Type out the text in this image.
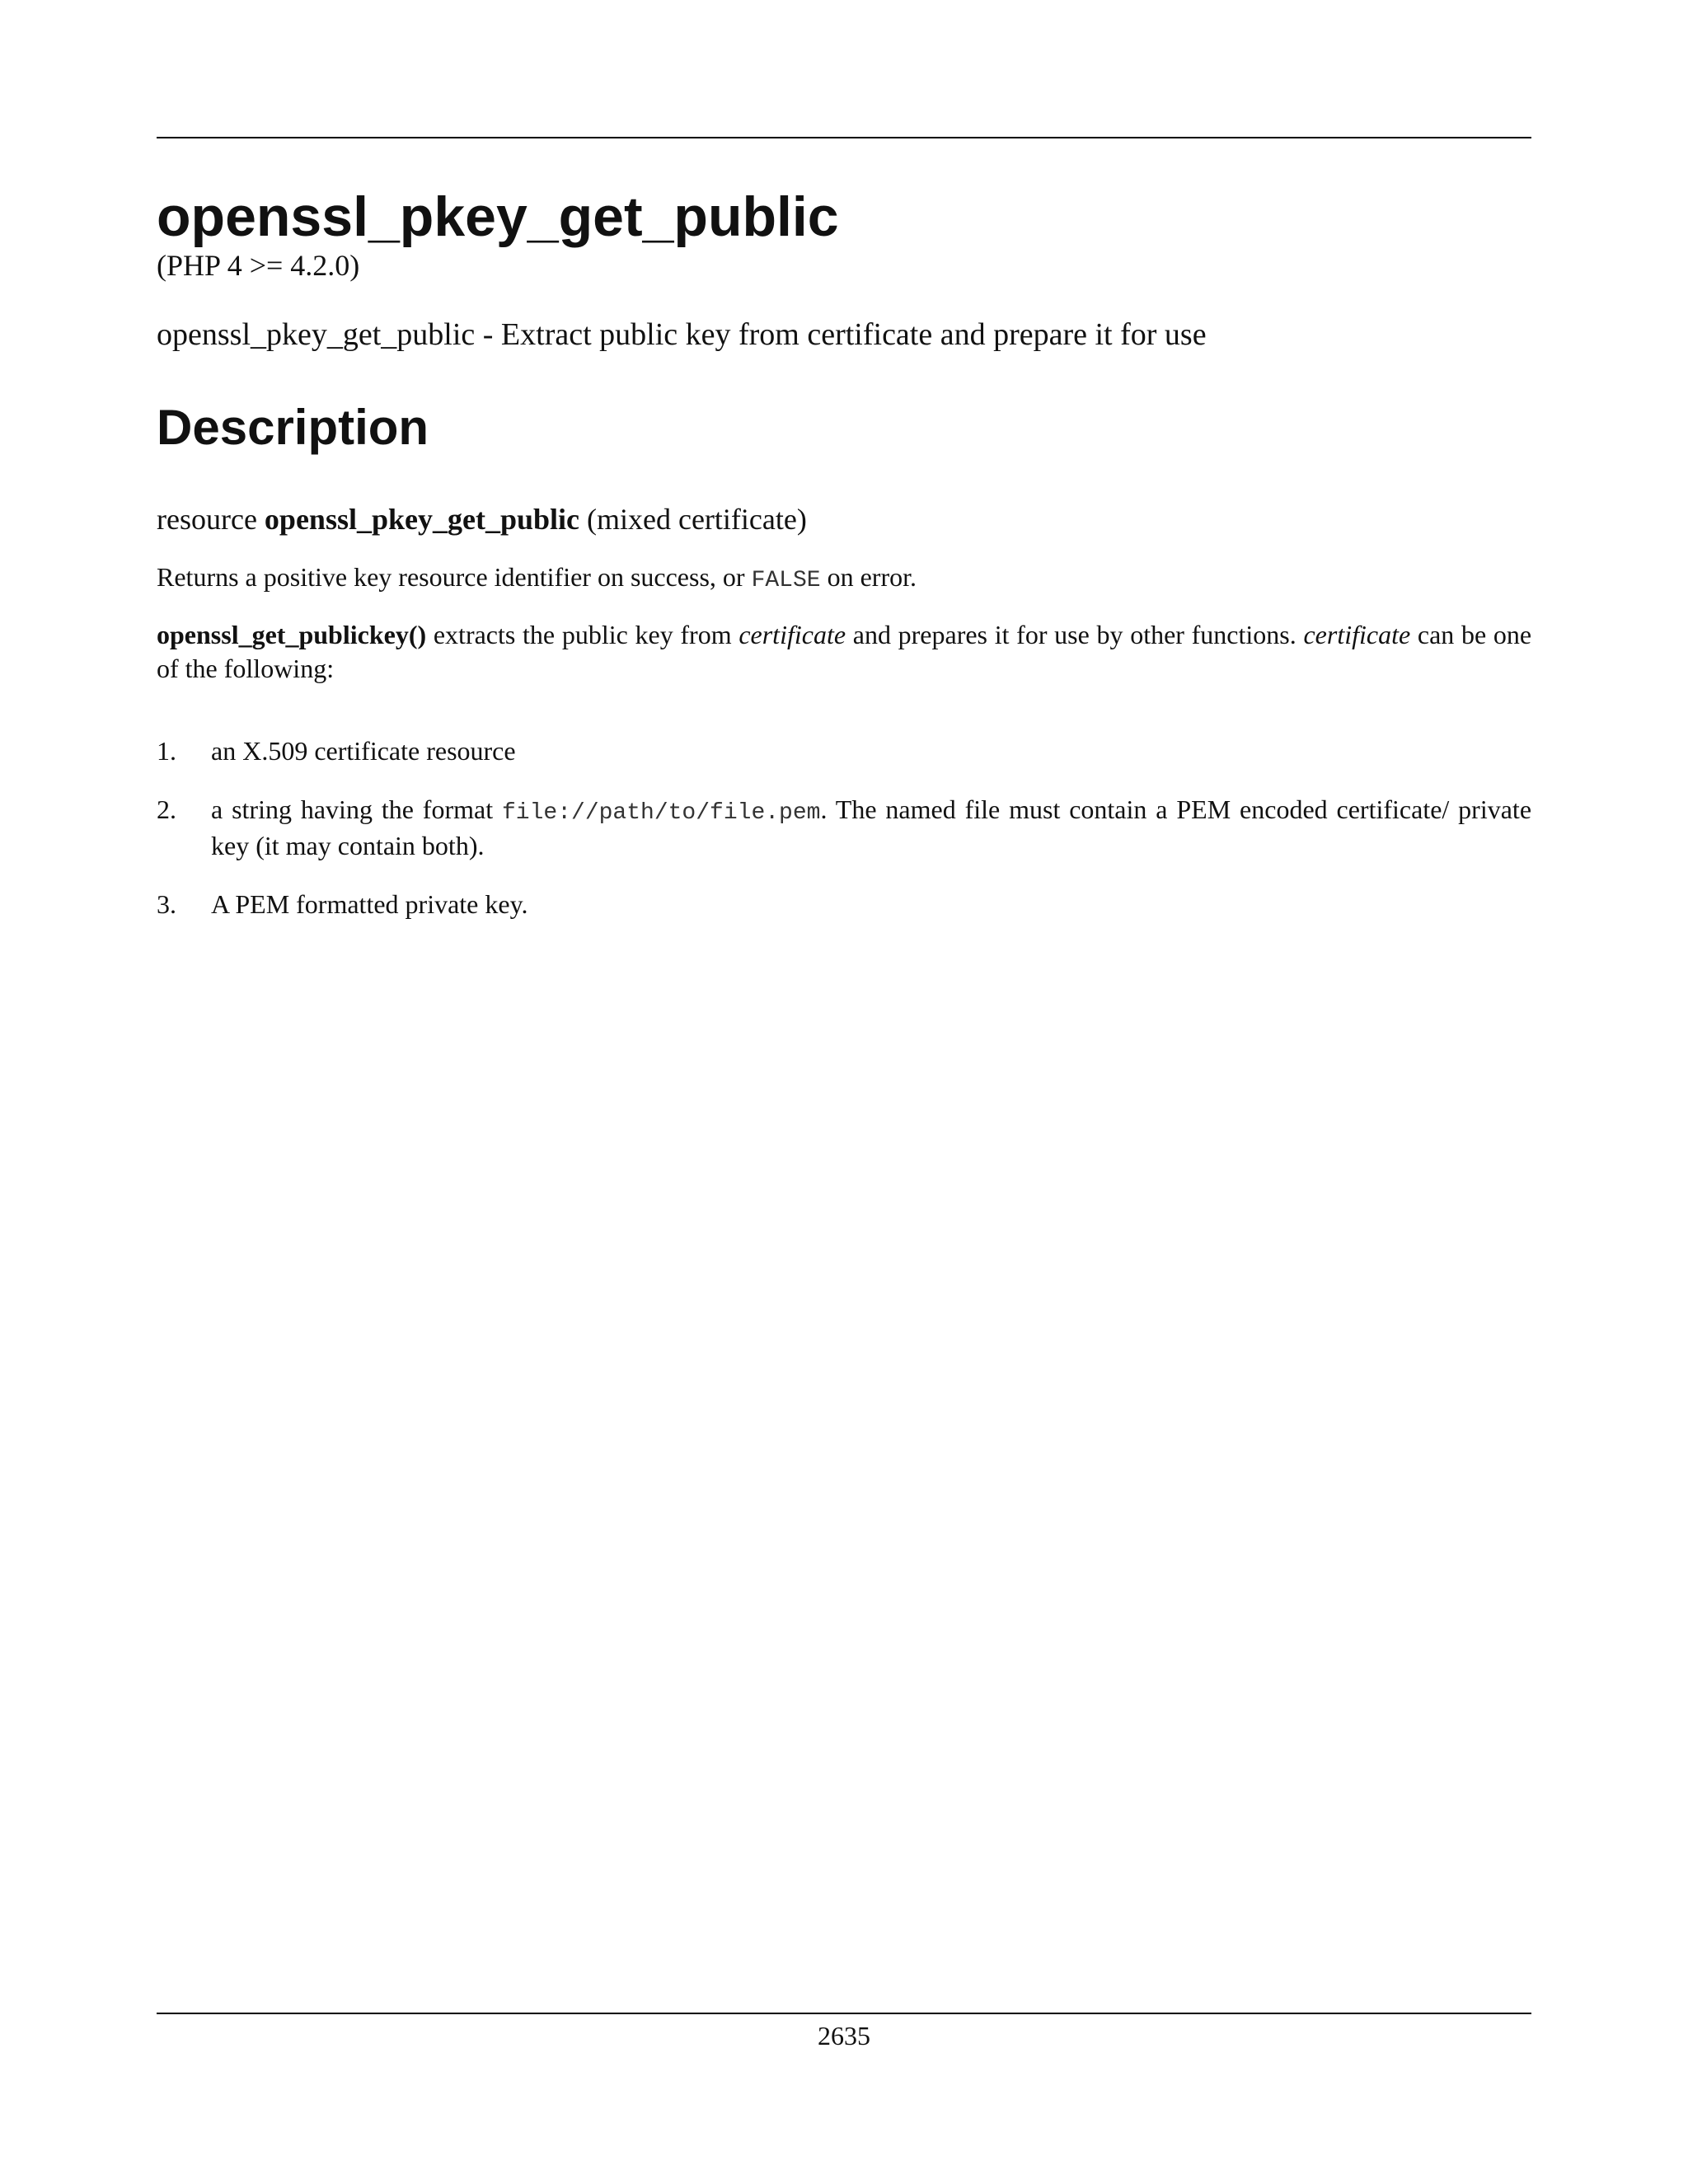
openssl_pkey_get_public

(PHP 4 >= 4.2.0)

openssl_pkey_get_public - Extract public key from certificate and prepare it for use

Description

resource openssl_pkey_get_public (mixed certificate)

Returns a positive key resource identifier on success, or FALSE on error.

openssl_get_publickey() extracts the public key from certificate and prepares it for use by other functions. certificate can be one of the following:

1. an X.509 certificate resource
2. a string having the format file://path/to/file.pem. The named file must contain a PEM encoded certificate/ private key (it may contain both).
3. A PEM formatted private key.
2635
